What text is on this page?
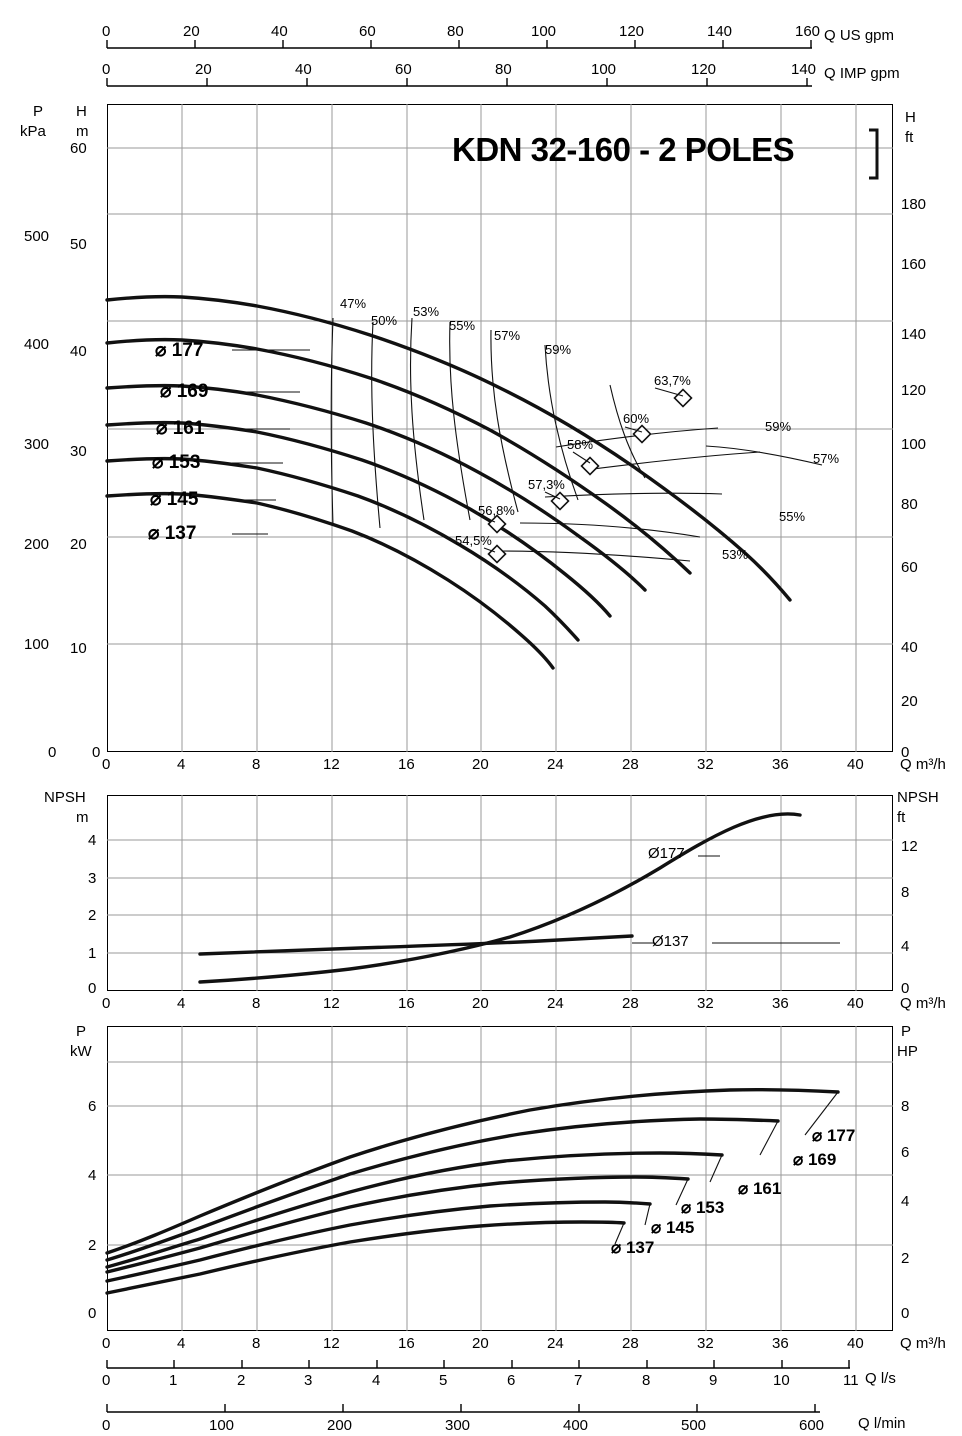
Q US gpm
Q IMP gpm
0	20	40	60	80	100	120	140	160
0	20	40	60	80	100	120	140
KDN 32-160 - 2 POLES
P
kPa
H
m
H
ft
500
400
300
200
100
0
60
50
40
30
20
10
0
180
160
140
120
100
80
60
40
20
0
⌀ 177
⌀ 169
⌀ 161
⌀ 153
⌀ 145
⌀ 137
47%
50%
53%
55%
57%
59%
63,7%
60%
59%
58%
57%
57,3%
55%
56,8%
53%
54,5%
0	4	8	12	16	20	24	28	32	36	40 Q m³/h
NPSH
m
NPSH
ft
4
3
2
1
0
12
8
4
0
Ø177
Ø137
0	4	8	12	16	20	24	28	32	36	40 Q m³/h
P
kW
P
HP
6
4
2
0
8
6
4
2
0
⌀ 177
⌀ 169
⌀ 161
⌀ 153
⌀ 145
⌀ 137
0	4	8	12	16	20	24	28	32	36	40 Q m³/h
0	1	2	3	4	5	6	7	8	9	10	11 Q l/s
0	100	200	300	400	500	600 Q l/min
